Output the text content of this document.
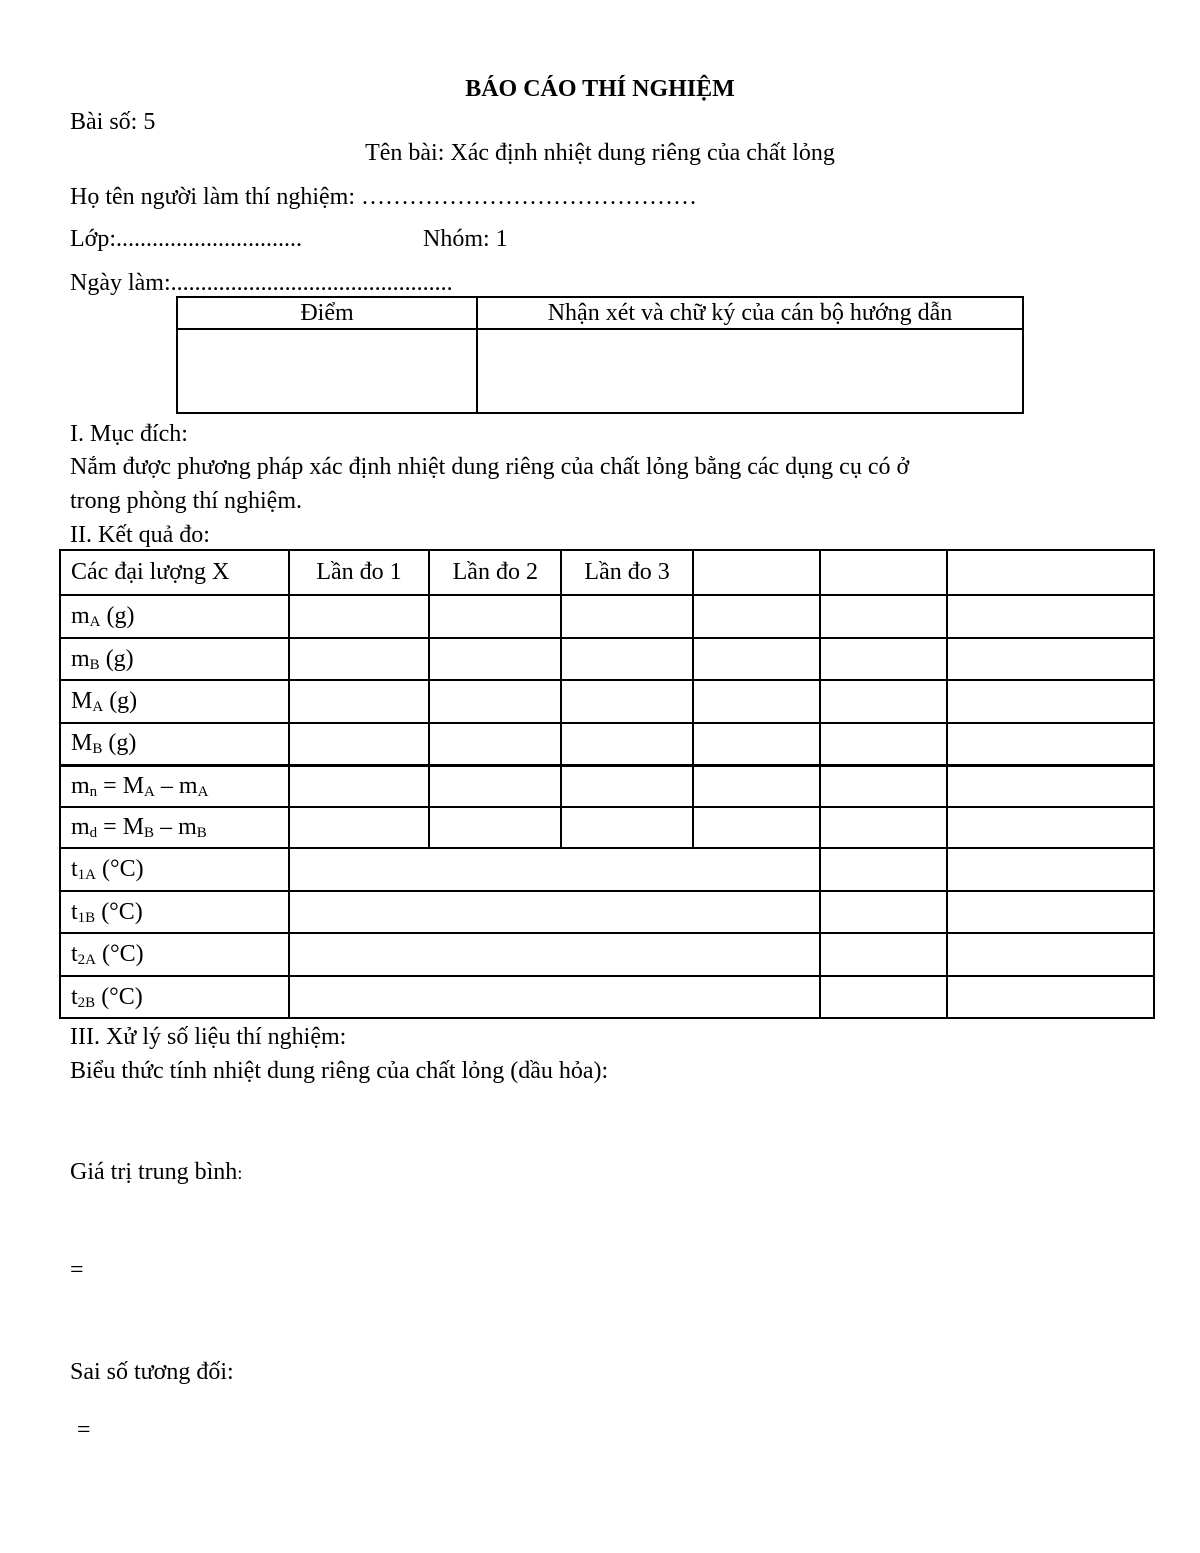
BÁO CÁO THÍ NGHIỆM
Bài số: 5
Tên bài: Xác định nhiệt dung riêng của chất lỏng
Họ tên người làm thí nghiệm: ……………………………………
Lớp:...............................	Nhóm: 1
Ngày làm:...............................................
Điểm	Nhận xét và chữ ký của cán bộ hướng dẫn

I. Mục đích:
Nắm được phương pháp xác định nhiệt dung riêng của chất lỏng bằng các dụng cụ có ở
trong phòng thí nghiệm.
II. Kết quả đo:
Các đại lượng X	Lần đo 1	Lần đo 2	Lần đo 3			
$m_A$ (g)						
$m_B$ (g)						
$M_A$ (g)						
$M_B$ (g)						
$m_n = M_A - m_A$						
$m_d = M_B - m_B$						
$t_{1A}$ (°C)						
$t_{1B}$ (°C)						
$t_{2A}$ (°C)						
$t_{2B}$ (°C)						
III. Xử lý số liệu thí nghiệm:
Biểu thức tính nhiệt dung riêng của chất lỏng (dầu hỏa):
Giá trị trung bình:
=
Sai số tương đối:
=
